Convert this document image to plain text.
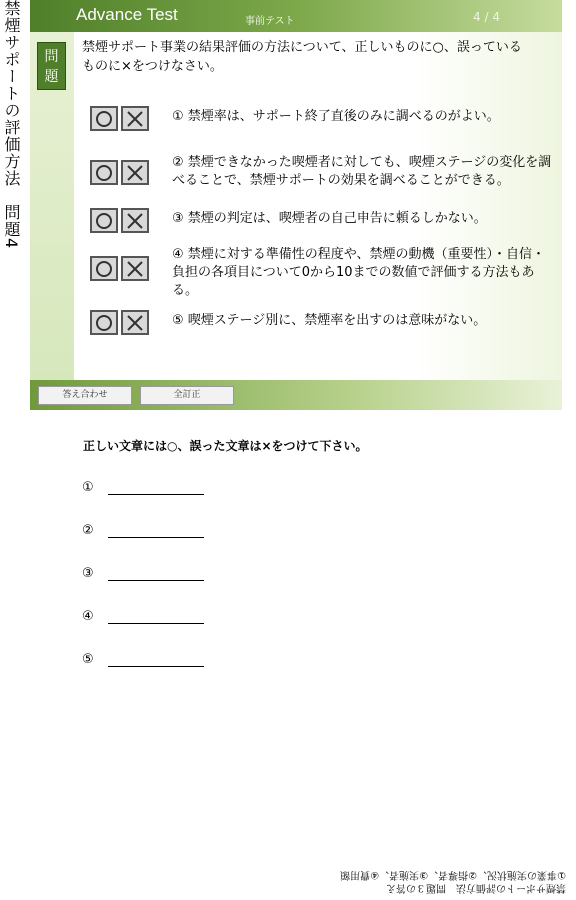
禁煙サポートの評価方法　問題4	Advance Test	事前テスト	4 / 4
問
題
禁煙サポート事業の結果評価の方法について、正しいものに○、誤っているものに×をつけなさい。
① 禁煙率は、サポート終了直後のみに調べるのがよい。
② 禁煙できなかった喫煙者に対しても、喫煙ステージの変化を調べることで、禁煙サポートの効果を調べることができる。
③ 禁煙の判定は、喫煙者の自己申告に頼るしかない。
④ 禁煙に対する準備性の程度や、禁煙の動機（重要性）・自信・負担の各項目について0から10までの数値で評価する方法もある。
⑤ 喫煙ステージ別に、禁煙率を出すのは意味がない。
答え合わせ	全訂正
正しい文章には○、誤った文章は×をつけて下さい。
①
②
③
④
⑤
禁煙サポートの評価方法　問題３の答え
①事業の実施状況、②指導者、③実施者、④費用額
